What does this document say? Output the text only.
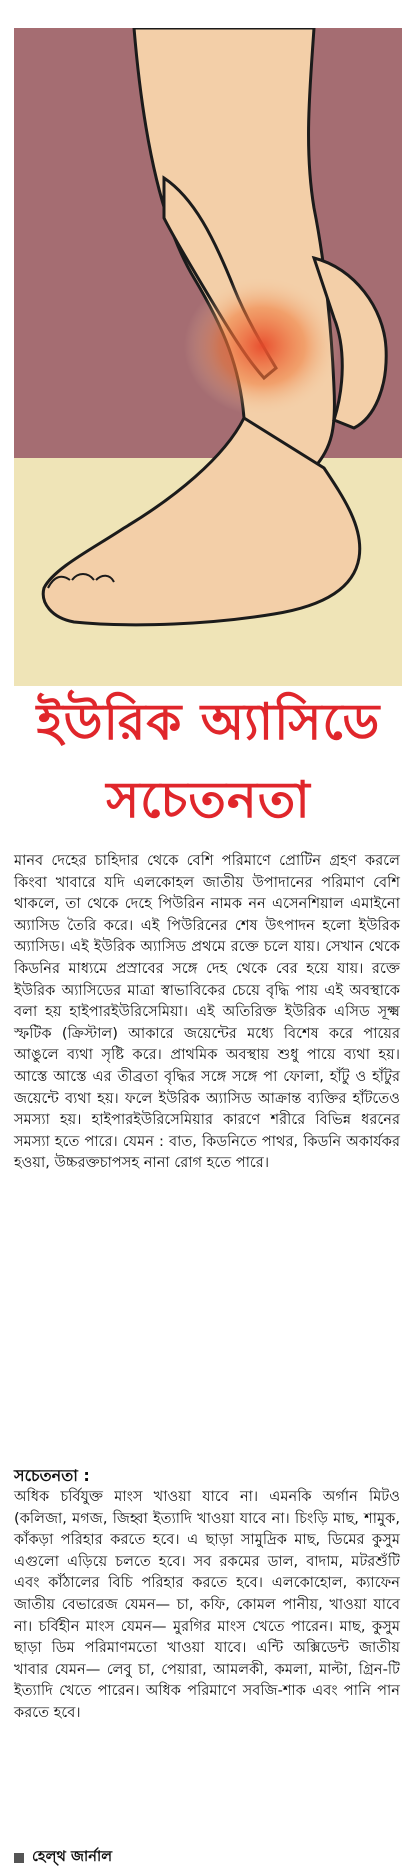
ইউরিক অ্যাসিডে
সচেতনতা
মানব দেহের চাহিদার থেকে বেশি পরিমাণে প্রোটিন গ্রহণ করলে কিংবা খাবারে যদি এলকোহল জাতীয় উপাদানের পরিমাণ বেশি থাকলে, তা থেকে দেহে পিউরিন নামক নন এসেনশিয়াল এমাইনো অ্যাসিড তৈরি করে। এই পিউরিনের শেষ উৎপাদন হলো ইউরিক অ্যাসিড। এই ইউরিক অ্যাসিড প্রথমে রক্তে চলে যায়। সেখান থেকে কিডনির মাধ্যমে প্রস্রাবের সঙ্গে দেহ থেকে বের হয়ে যায়। রক্তে ইউরিক অ্যাসিডের মাত্রা স্বাভাবিকের চেয়ে বৃদ্ধি পায় এই অবস্থাকে বলা হয় হাইপারইউরিসেমিয়া। এই অতিরিক্ত ইউরিক এসিড সূক্ষ্ম স্ফটিক (ক্রিস্টাল) আকারে জয়েন্টের মধ্যে বিশেষ করে পায়ের আঙুলে ব্যথা সৃষ্টি করে। প্রাথমিক অবস্থায় শুধু পায়ে ব্যথা হয়। আস্তে আস্তে এর তীব্রতা বৃদ্ধির সঙ্গে সঙ্গে পা ফোলা, হাঁটু ও হাঁটুর জয়েন্টে ব্যথা হয়। ফলে ইউরিক অ্যাসিড আক্রান্ত ব্যক্তির হাঁটতেও সমস্যা হয়। হাইপারইউরিসেমিয়ার কারণে শরীরে বিভিন্ন ধরনের সমস্যা হতে পারে। যেমন : বাত, কিডনিতে পাথর, কিডনি অকার্যকর হওয়া, উচ্চরক্তচাপসহ নানা রোগ হতে পারে।
সচেতনতা :
অধিক চর্বিযুক্ত মাংস খাওয়া যাবে না। এমনকি অর্গান মিটও (কলিজা, মগজ, জিহ্বা ইত্যাদি খাওয়া যাবে না। চিংড়ি মাছ, শামুক, কাঁকড়া পরিহার করতে হবে। এ ছাড়া সামুদ্রিক মাছ, ডিমের কুসুম এগুলো এড়িয়ে চলতে হবে। সব রকমের ডাল, বাদাম, মটরশুঁটি এবং কাঁঠালের বিচি পরিহার করতে হবে। এলকোহোল, ক্যাফেন জাতীয় বেভারেজ যেমন— চা, কফি, কোমল পানীয়, খাওয়া যাবে না। চর্বিহীন মাংস যেমন— মুরগির মাংস খেতে পারেন। মাছ, কুসুম ছাড়া ডিম পরিমাণমতো খাওয়া যাবে। এন্টি অক্সিডেন্ট জাতীয় খাবার যেমন— লেবু চা, পেয়ারা, আমলকী, কমলা, মাল্টা, গ্রিন-টি ইত্যাদি খেতে পারেন। অধিক পরিমাণে সবজি-শাক এবং পানি পান করতে হবে।
হেল্থ জার্নাল
